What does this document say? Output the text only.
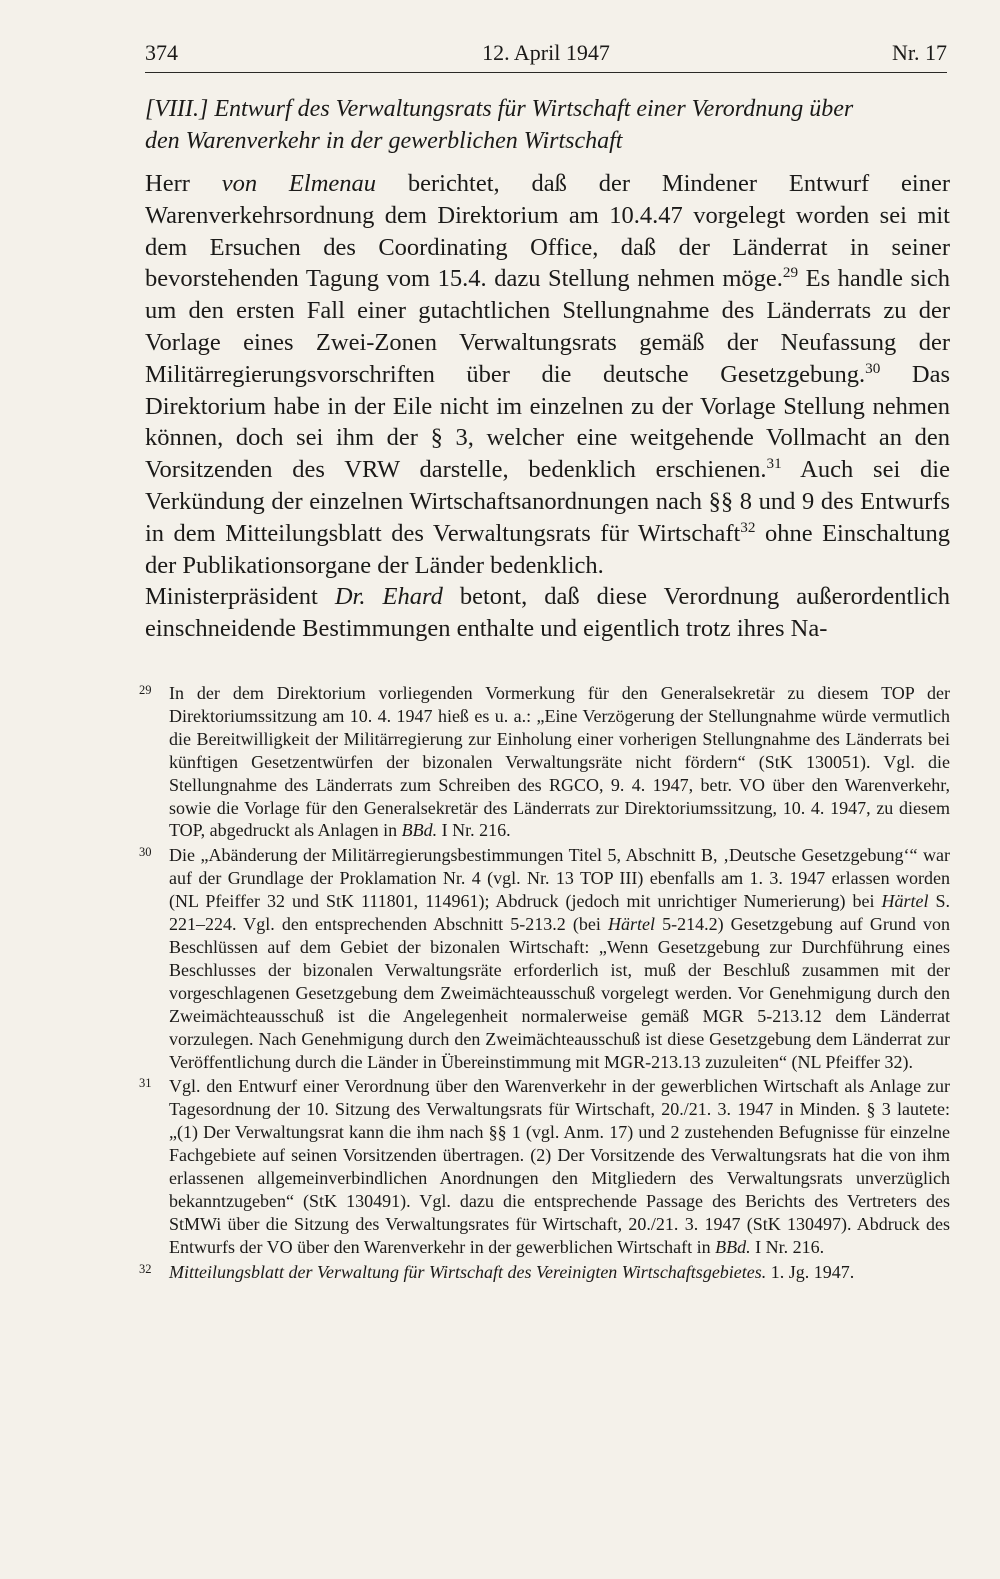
12. April 1947
374	Nr. 17
[VIII.] Entwurf des Verwaltungsrats für Wirtschaft einer Verordnung über
den Warenverkehr in der gewerblichen Wirtschaft

Herr von Elmenau berichtet, daß der Mindener Entwurf einer Warenverkehrsordnung dem Direktorium am 10.4.47 vorgelegt worden sei mit dem Ersuchen des Coordinating Office, daß der Länderrat in seiner bevorstehenden Tagung vom 15.4. dazu Stellung nehmen möge.$^{29}$ Es handle sich um den ersten Fall einer gutachtlichen Stellungnahme des Länderrats zu der Vorlage eines Zwei-Zonen Verwaltungsrats gemäß der Neufassung der Militärregierungsvorschriften über die deutsche Gesetzgebung.$^{30}$ Das Direktorium habe in der Eile nicht im einzelnen zu der Vorlage Stellung nehmen können, doch sei ihm der § 3, welcher eine weitgehende Vollmacht an den Vorsitzenden des VRW darstelle, bedenklich erschienen.$^{31}$ Auch sei die Verkündung der einzelnen Wirtschaftsanordnungen nach §§ 8 und 9 des Entwurfs in dem Mitteilungsblatt des Verwaltungsrats für Wirtschaft$^{32}$ ohne Einschaltung der Publikationsorgane der Länder bedenklich.

Ministerpräsident Dr. Ehard betont, daß diese Verordnung außerordentlich einschneidende Bestimmungen enthalte und eigentlich trotz ihres Na-

29 In der dem Direktorium vorliegenden Vormerkung für den Generalsekretär zu diesem TOP der Direktoriumssitzung am 10. 4. 1947 hieß es u. a.: „Eine Verzögerung der Stellungnahme würde vermutlich die Bereitwilligkeit der Militärregierung zur Einholung einer vorherigen Stellungnahme des Länderrats bei künftigen Gesetzentwürfen der bizonalen Verwaltungsräte nicht fördern“ (StK 130051). Vgl. die Stellungnahme des Länderrats zum Schreiben des RGCO, 9. 4. 1947, betr. VO über den Warenverkehr, sowie die Vorlage für den Generalsekretär des Länderrats zur Direktoriumssitzung, 10. 4. 1947, zu diesem TOP, abgedruckt als Anlagen in BBd. I Nr. 216.
30 Die „Abänderung der Militärregierungsbestimmungen Titel 5, Abschnitt B, ‚Deutsche Gesetzgebung‘“ war auf der Grundlage der Proklamation Nr. 4 (vgl. Nr. 13 TOP III) ebenfalls am 1. 3. 1947 erlassen worden (NL Pfeiffer 32 und StK 111801, 114961); Abdruck (jedoch mit unrichtiger Numerierung) bei Härtel S. 221–224. Vgl. den entsprechenden Abschnitt 5-213.2 (bei Härtel 5-214.2) Gesetzgebung auf Grund von Beschlüssen auf dem Gebiet der bizonalen Wirtschaft: „Wenn Gesetzgebung zur Durchführung eines Beschlusses der bizonalen Verwaltungsräte erforderlich ist, muß der Beschluß zusammen mit der vorgeschlagenen Gesetzgebung dem Zweimächteausschuß vorgelegt werden. Vor Genehmigung durch den Zweimächteausschuß ist die Angelegenheit normalerweise gemäß MGR 5-213.12 dem Länderrat vorzulegen. Nach Genehmigung durch den Zweimächteausschuß ist diese Gesetzgebung dem Länderrat zur Veröffentlichung durch die Länder in Übereinstimmung mit MGR-213.13 zuzuleiten“ (NL Pfeiffer 32).
31 Vgl. den Entwurf einer Verordnung über den Warenverkehr in der gewerblichen Wirtschaft als Anlage zur Tagesordnung der 10. Sitzung des Verwaltungsrats für Wirtschaft, 20./21. 3. 1947 in Minden. § 3 lautete: „(1) Der Verwaltungsrat kann die ihm nach §§ 1 (vgl. Anm. 17) und 2 zustehenden Befugnisse für einzelne Fachgebiete auf seinen Vorsitzenden übertragen. (2) Der Vorsitzende des Verwaltungsrats hat die von ihm erlassenen allgemeinverbindlichen Anordnungen den Mitgliedern des Verwaltungsrats unverzüglich bekanntzugeben“ (StK 130491). Vgl. dazu die entsprechende Passage des Berichts des Vertreters des StMWi über die Sitzung des Verwaltungsrates für Wirtschaft, 20./21. 3. 1947 (StK 130497). Abdruck des Entwurfs der VO über den Warenverkehr in der gewerblichen Wirtschaft in BBd. I Nr. 216.
32 Mitteilungsblatt der Verwaltung für Wirtschaft des Vereinigten Wirtschaftsgebietes. 1. Jg. 1947.
